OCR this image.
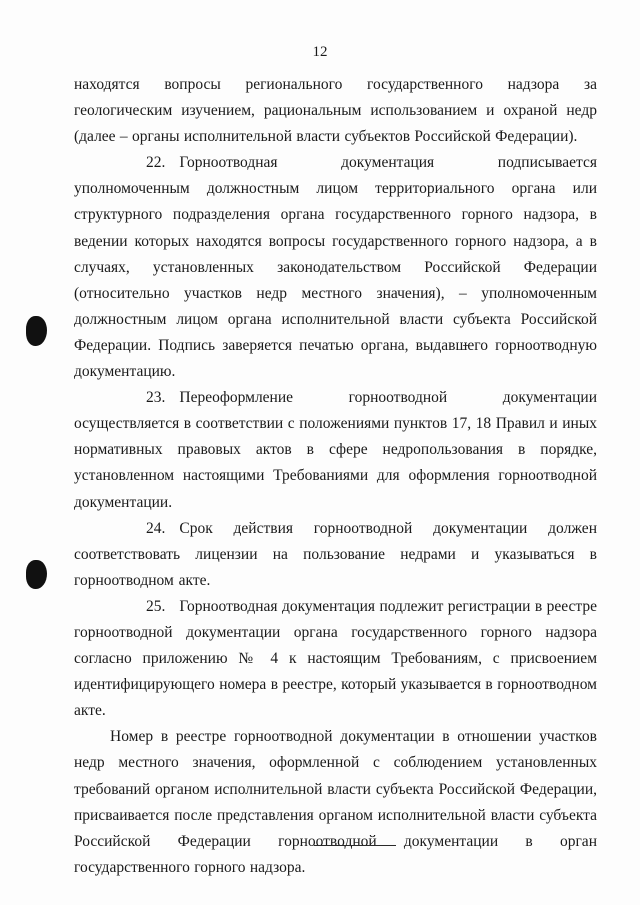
12

находятся вопросы регионального государственного надзора за геологическим изучением, рациональным использованием и охраной недр (далее – органы исполнительной власти субъектов Российской Федерации).

22. Горноотводная документация подписывается уполномоченным должностным лицом территориального органа или структурного подразделения органа государственного горного надзора, в ведении которых находятся вопросы государственного горного надзора, а в случаях, установленных законодательством Российской Федерации (относительно участков недр местного значения), – уполномоченным должностным лицом органа исполнительной власти субъекта Российской Федерации. Подпись заверяется печатью органа, выдавшего горноотводную документацию.

23. Переоформление горноотводной документации осуществляется в соответствии с положениями пунктов 17, 18 Правил и иных нормативных правовых актов в сфере недропользования в порядке, установленном настоящими Требованиями для оформления горноотводной документации.

24. Срок действия горноотводной документации должен соответствовать лицензии на пользование недрами и указываться в горноотводном акте.

25. Горноотводная документация подлежит регистрации в реестре горноотводной документации органа государственного горного надзора согласно приложению № 4 к настоящим Требованиям, с присвоением идентифицирующего номера в реестре, который указывается в горноотводном акте.

Номер в реестре горноотводной документации в отношении участков недр местного значения, оформленной с соблюдением установленных требований органом исполнительной власти субъекта Российской Федерации, присваивается после представления органом исполнительной власти субъекта Российской Федерации горноотводной документации в орган государственного горного надзора.
